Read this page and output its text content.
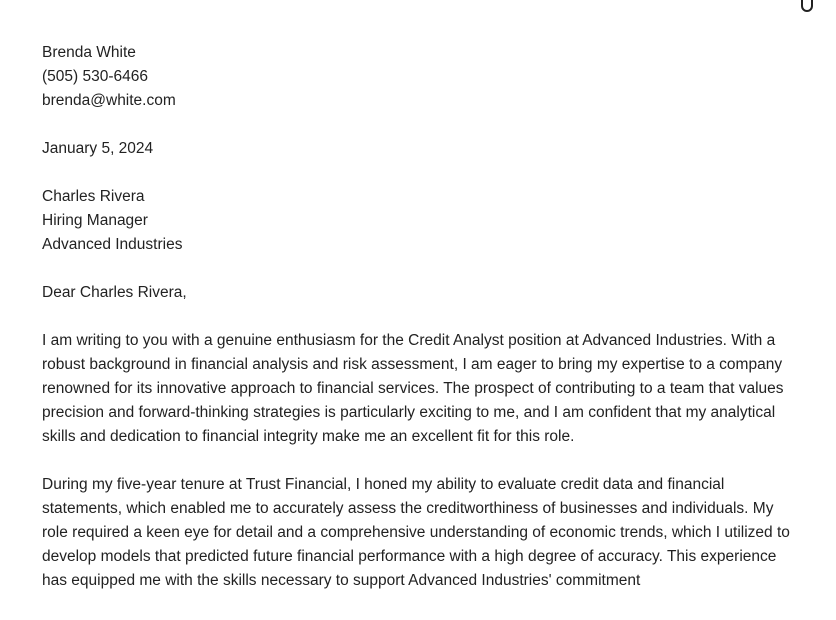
Brenda White
(505) 530-6466
brenda@white.com
January 5, 2024
Charles Rivera
Hiring Manager
Advanced Industries

Dear Charles Rivera,

I am writing to you with a genuine enthusiasm for the Credit Analyst position at Advanced Industries. With a robust background in financial analysis and risk assessment, I am eager to bring my expertise to a company renowned for its innovative approach to financial services. The prospect of contributing to a team that values precision and forward-thinking strategies is particularly exciting to me, and I am confident that my analytical skills and dedication to financial integrity make me an excellent fit for this role.

During my five-year tenure at Trust Financial, I honed my ability to evaluate credit data and financial statements, which enabled me to accurately assess the creditworthiness of businesses and individuals. My role required a keen eye for detail and a comprehensive understanding of economic trends, which I utilized to develop models that predicted future financial performance with a high degree of accuracy. This experience has equipped me with the skills necessary to support Advanced Industries' commitment
